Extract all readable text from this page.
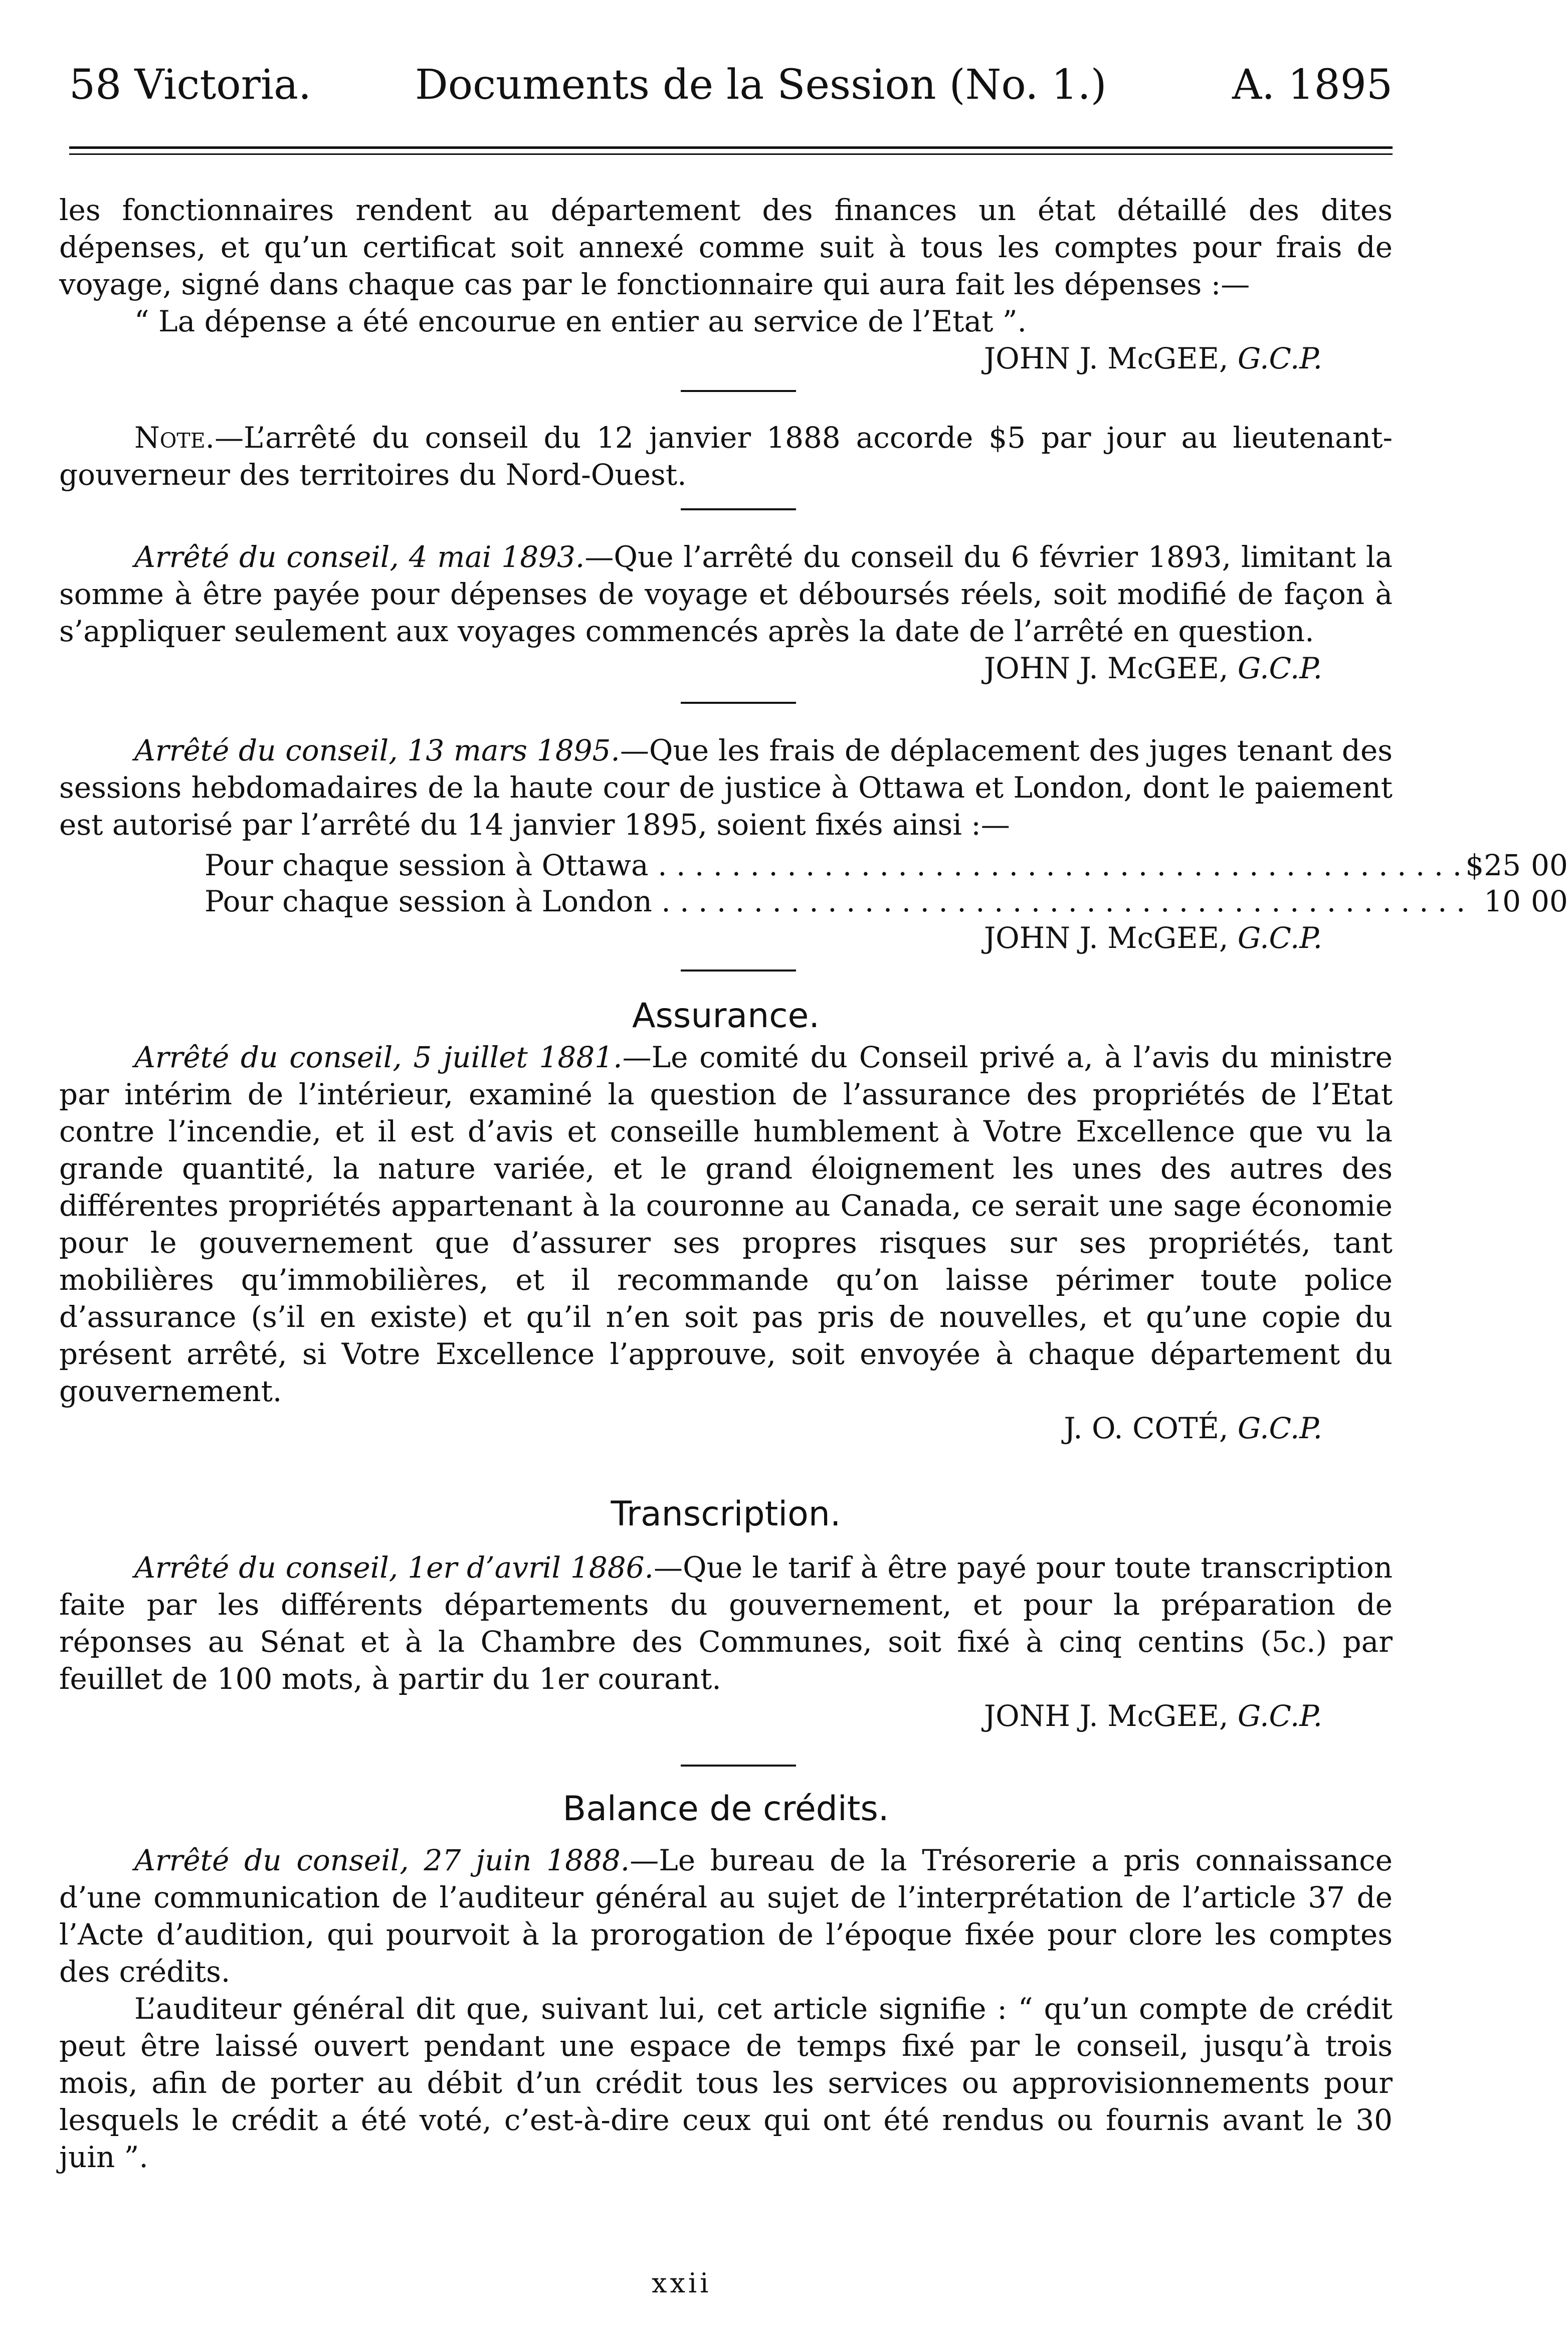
58 Victoria.	Documents de la Session (No. 1.)	A. 1895

les fonctionnaires rendent au département des finances un état détaillé des dites dépenses, et qu’un certificat soit annexé comme suit à tous les comptes pour frais de voyage, signé dans chaque cas par le fonctionnaire qui aura fait les dépenses :—

“ La dépense a été encourue en entier au service de l’Etat ”.

JOHN J. McGEE, G.C.P.

Note.—L’arrêté du conseil du 12 janvier 1888 accorde $5 par jour au lieutenant-gouverneur des territoires du Nord-Ouest.

Arrêté du conseil, 4 mai 1893.—Que l’arrêté du conseil du 6 février 1893, limitant la somme à être payée pour dépenses de voyage et déboursés réels, soit modifié de façon à s’appliquer seulement aux voyages commencés après la date de l’arrêté en question.

JOHN J. McGEE, G.C.P.

Arrêté du conseil, 13 mars 1895.—Que les frais de déplacement des juges tenant des sessions hebdomadaires de la haute cour de justice à Ottawa et London, dont le paiement est autorisé par l’arrêté du 14 janvier 1895, soient fixés ainsi :—

Pour chaque session à Ottawa . . . . . . . . . . . . . . . . . . . . . . . . . . . . . . . . . . . . . . . . . . . .	$25	00
Pour chaque session à London . . . . . . . . . . . . . . . . . . . . . . . . . . . . . . . . . . . . . . . . . . . .	10	00

JOHN J. McGEE, G.C.P.

Assurance.

Arrêté du conseil, 5 juillet 1881.—Le comité du Conseil privé a, à l’avis du ministre par intérim de l’intérieur, examiné la question de l’assurance des propriétés de l’Etat contre l’incendie, et il est d’avis et conseille humblement à Votre Excellence que vu la grande quantité, la nature variée, et le grand éloignement les unes des autres des différentes propriétés appartenant à la couronne au Canada, ce serait une sage économie pour le gouvernement que d’assurer ses propres risques sur ses propriétés, tant mobilières qu’immobilières, et il recommande qu’on laisse périmer toute police d’assurance (s’il en existe) et qu’il n’en soit pas pris de nouvelles, et qu’une copie du présent arrêté, si Votre Excellence l’approuve, soit envoyée à chaque département du gouvernement.

J. O. COTÉ, G.C.P.

Transcription.

Arrêté du conseil, 1er d’avril 1886.—Que le tarif à être payé pour toute transcription faite par les différents départements du gouvernement, et pour la préparation de réponses au Sénat et à la Chambre des Communes, soit fixé à cinq centins (5c.) par feuillet de 100 mots, à partir du 1er courant.

JONH J. McGEE, G.C.P.

Balance de crédits.

Arrêté du conseil, 27 juin 1888.—Le bureau de la Trésorerie a pris connaissance d’une communication de l’auditeur général au sujet de l’interprétation de l’article 37 de l’Acte d’audition, qui pourvoit à la prorogation de l’époque fixée pour clore les comptes des crédits.

L’auditeur général dit que, suivant lui, cet article signifie : “ qu’un compte de crédit peut être laissé ouvert pendant une espace de temps fixé par le conseil, jusqu’à trois mois, afin de porter au débit d’un crédit tous les services ou approvisionnements pour lesquels le crédit a été voté, c’est-à-dire ceux qui ont été rendus ou fournis avant le 30 juin ”.

xxii
